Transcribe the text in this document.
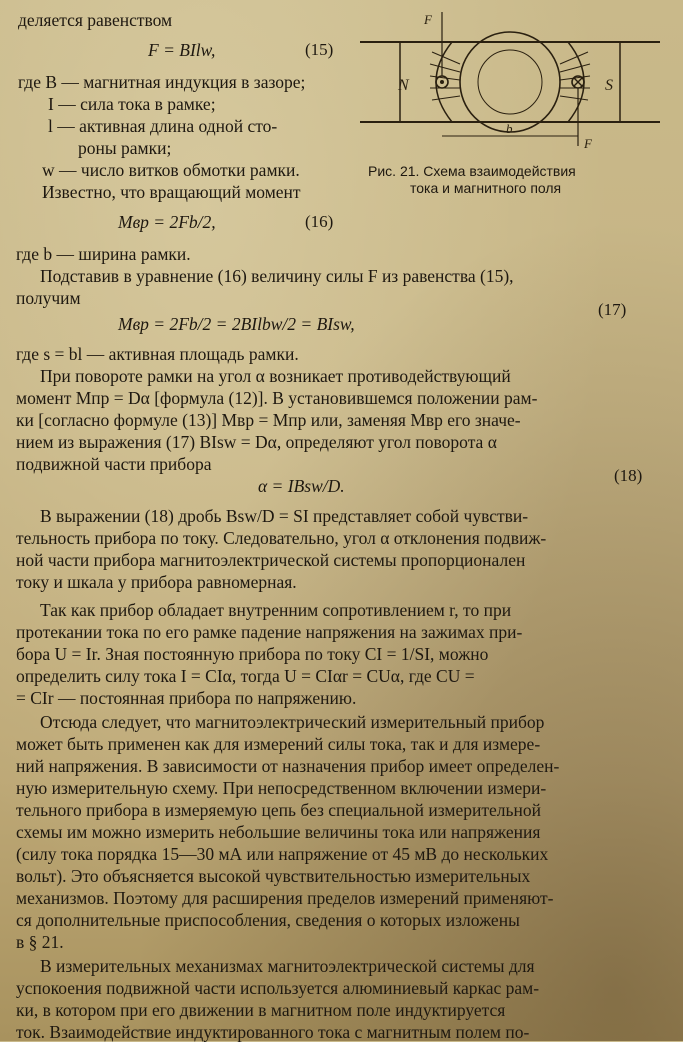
N	S
F
F
b
Рис. 21. Схема взаимодействия
тока и магнитного поля
деляется равенством
F = BIlw,	(15)
где B — магнитная индукция в зазоре;
I — сила тока в рамке;
l — активная длина одной сто-
роны рамки;
w — число витков обмотки рамки.
Известно, что вращающий момент
Mвр = 2Fb/2,	(16)
где b — ширина рамки.
Подставив в уравнение (16) величину силы F из равенства (15),
получим
Mвр = 2Fb/2 = 2BIlbw/2 = BIsw,
(17)
где s = bl — активная площадь рамки.
При повороте рамки на угол α возникает противодействующий
момент Mпр = Dα [формула (12)]. В установившемся положении рам-
ки [согласно формуле (13)] Mвр = Mпр или, заменяя Mвр его значе-
нием из выражения (17) BIsw = Dα, определяют угол поворота α
подвижной части прибора
α = IBsw/D.
(18)
В выражении (18) дробь Bsw/D = SI представляет собой чувстви-
тельность прибора по току. Следовательно, угол α отклонения подвиж-
ной части прибора магнитоэлектрической системы пропорционален
току и шкала у прибора равномерная.
Так как прибор обладает внутренним сопротивлением r, то при
протекании тока по его рамке падение напряжения на зажимах при-
бора U = Ir. Зная постоянную прибора по току CI = 1/SI, можно
определить силу тока I = CIα, тогда U = CIαr = CUα, где CU =
= CIr — постоянная прибора по напряжению.
Отсюда следует, что магнитоэлектрический измерительный прибор
может быть применен как для измерений силы тока, так и для измере-
ний напряжения. В зависимости от назначения прибор имеет определен-
ную измерительную схему. При непосредственном включении измери-
тельного прибора в измеряемую цепь без специальной измерительной
схемы им можно измерить небольшие величины тока или напряжения
(силу тока порядка 15—30 мА или напряжение от 45 мВ до нескольких
вольт). Это объясняется высокой чувствительностью измерительных
механизмов. Поэтому для расширения пределов измерений применяют-
ся дополнительные приспособления, сведения о которых изложены
в § 21.
В измерительных механизмах магнитоэлектрической системы для
успокоения подвижной части используется алюминиевый каркас рам-
ки, в котором при его движении в магнитном поле индуктируется
ток. Взаимодействие индуктированного тока с магнитным полем по-
